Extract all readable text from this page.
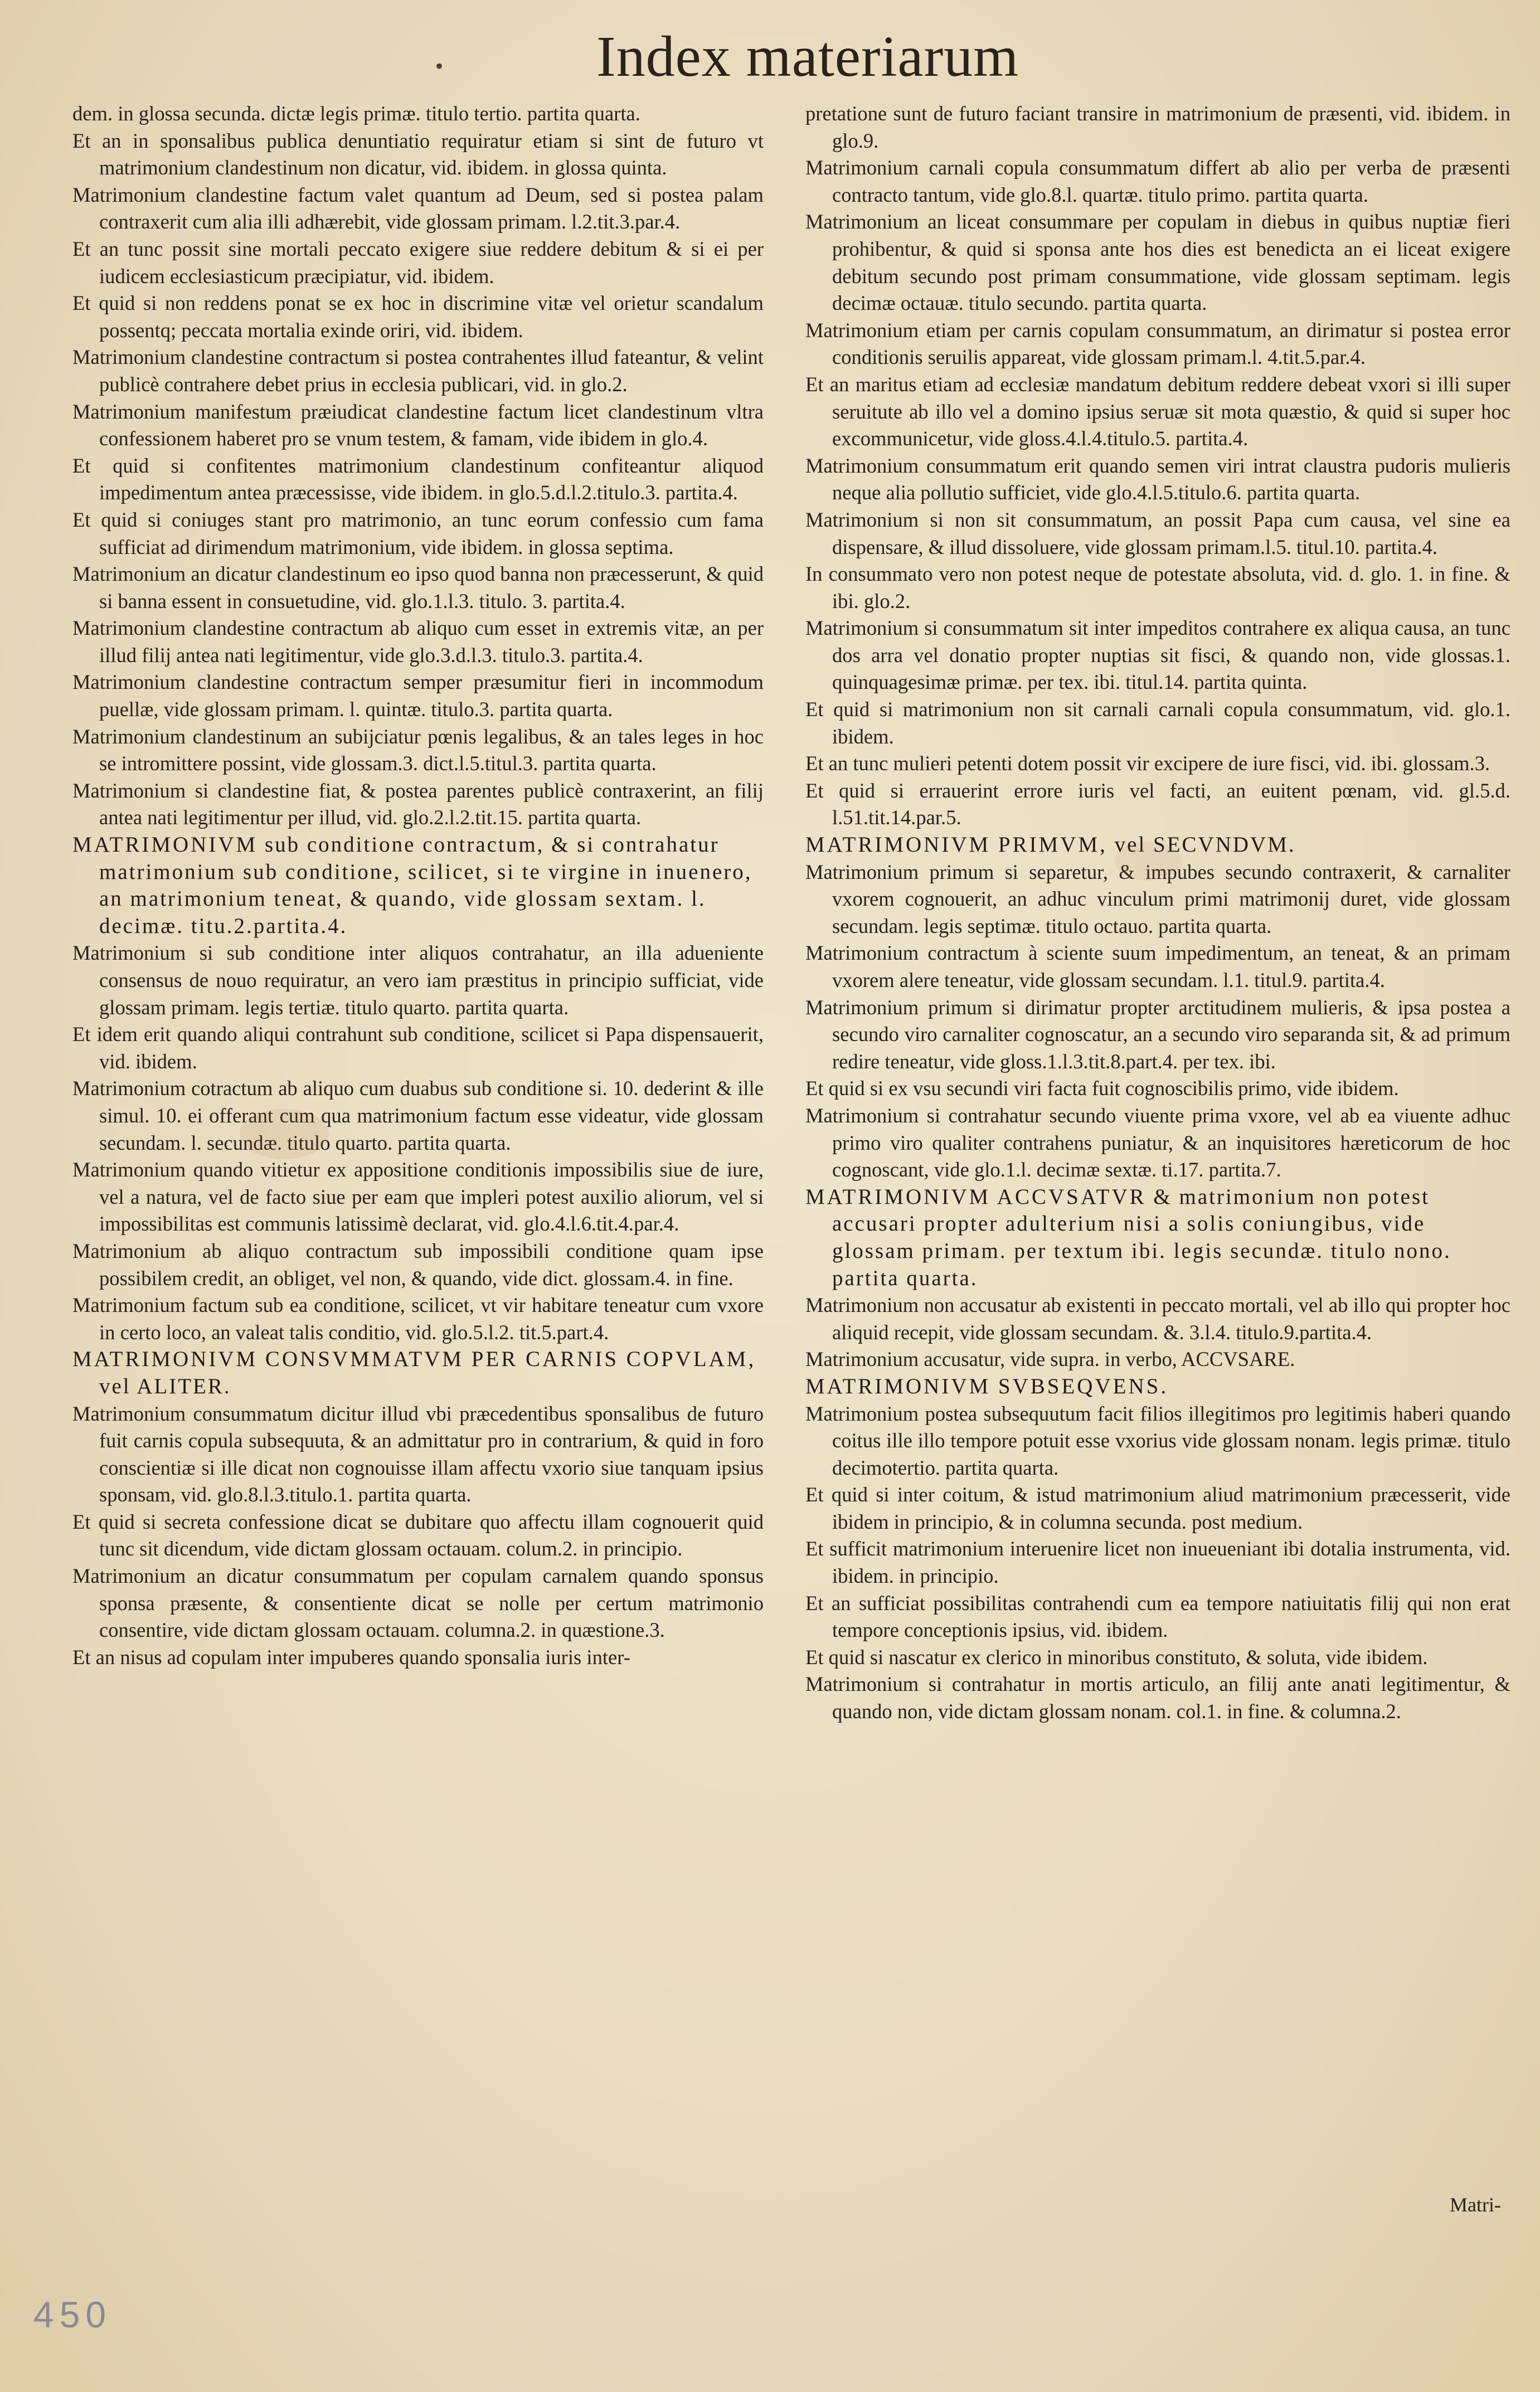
•	Index materiarum

dem. in glossa secunda. dictæ legis primæ. titulo tertio. partita quarta.

Et an in sponsalibus publica denuntiatio requiratur etiam si sint de futuro vt matrimonium clandestinum non dicatur, vid. ibidem. in glossa quinta.

Matrimonium clandestine factum valet quantum ad Deum, sed si postea palam contraxerit cum alia illi adhærebit, vide glossam primam. l.2.tit.3.par.4.

Et an tunc possit sine mortali peccato exigere siue reddere debitum & si ei per iudicem ecclesiasticum præcipiatur, vid. ibidem.

Et quid si non reddens ponat se ex hoc in discrimine vitæ vel orietur scandalum possentq; peccata mortalia exinde oriri, vid. ibidem.

Matrimonium clandestine contractum si postea contrahentes illud fateantur, & velint publicè contrahere debet prius in ecclesia publicari, vid. in glo.2.

Matrimonium manifestum præiudicat clandestine factum licet clandestinum vltra confessionem haberet pro se vnum testem, & famam, vide ibidem in glo.4.

Et quid si confitentes matrimonium clandestinum confiteantur aliquod impedimentum antea præcessisse, vide ibidem. in glo.5.d.l.2.titulo.3. partita.4.

Et quid si coniuges stant pro matrimonio, an tunc eorum confessio cum fama sufficiat ad dirimendum matrimonium, vide ibidem. in glossa septima.

Matrimonium an dicatur clandestinum eo ipso quod banna non præcesserunt, & quid si banna essent in consuetudine, vid. glo.1.l.3. titulo. 3. partita.4.

Matrimonium clandestine contractum ab aliquo cum esset in extremis vitæ, an per illud filij antea nati legitimentur, vide glo.3.d.l.3. titulo.3. partita.4.

Matrimonium clandestine contractum semper præsumitur fieri in incommodum puellæ, vide glossam primam. l. quintæ. titulo.3. partita quarta.

Matrimonium clandestinum an subijciatur pœnis legalibus, & an tales leges in hoc se intromittere possint, vide glossam.3. dict.l.5.titul.3. partita quarta.

Matrimonium si clandestine fiat, & postea parentes publicè contraxerint, an filij antea nati legitimentur per illud, vid. glo.2.l.2.tit.15. partita quarta.

MATRIMONIVM sub conditione contractum, & si contrahatur matrimonium sub conditione, scilicet, si te virgine in inuenero, an matrimonium teneat, & quando, vide glossam sextam. l. decimæ. titu.2.partita.4.

Matrimonium si sub conditione inter aliquos contrahatur, an illa adueniente consensus de nouo requiratur, an vero iam præstitus in principio sufficiat, vide glossam primam. legis tertiæ. titulo quarto. partita quarta.

Et idem erit quando aliqui contrahunt sub conditione, scilicet si Papa dispensauerit, vid. ibidem.

Matrimonium cotractum ab aliquo cum duabus sub conditione si. 10. dederint & ille simul. 10. ei offerant cum qua matrimonium factum esse videatur, vide glossam secundam. l. secundæ. titulo quarto. partita quarta.

Matrimonium quando vitietur ex appositione conditionis impossibilis siue de iure, vel a natura, vel de facto siue per eam que impleri potest auxilio aliorum, vel si impossibilitas est communis latissimè declarat, vid. glo.4.l.6.tit.4.par.4.

Matrimonium ab aliquo contractum sub impossibili conditione quam ipse possibilem credit, an obliget, vel non, & quando, vide dict. glossam.4. in fine.

Matrimonium factum sub ea conditione, scilicet, vt vir habitare teneatur cum vxore in certo loco, an valeat talis conditio, vid. glo.5.l.2. tit.5.part.4.

MATRIMONIVM CONSVMMATVM PER CARNIS COPVLAM, vel ALITER.

Matrimonium consummatum dicitur illud vbi præcedentibus sponsalibus de futuro fuit carnis copula subsequuta, & an admittatur pro in contrarium, & quid in foro conscientiæ si ille dicat non cognouisse illam affectu vxorio siue tanquam ipsius sponsam, vid. glo.8.l.3.titulo.1. partita quarta.

Et quid si secreta confessione dicat se dubitare quo affectu illam cognouerit quid tunc sit dicendum, vide dictam glossam octauam. colum.2. in principio.

Matrimonium an dicatur consummatum per copulam carnalem quando sponsus sponsa præsente, & consentiente dicat se nolle per certum matrimonio consentire, vide dictam glossam octauam. columna.2. in quæstione.3.

Et an nisus ad copulam inter impuberes quando sponsalia iuris inter-

pretatione sunt de futuro faciant transire in matrimonium de præsenti, vid. ibidem. in glo.9.

Matrimonium carnali copula consummatum differt ab alio per verba de præsenti contracto tantum, vide glo.8.l. quartæ. titulo primo. partita quarta.

Matrimonium an liceat consummare per copulam in diebus in quibus nuptiæ fieri prohibentur, & quid si sponsa ante hos dies est benedicta an ei liceat exigere debitum secundo post primam consummatione, vide glossam septimam. legis decimæ octauæ. titulo secundo. partita quarta.

Matrimonium etiam per carnis copulam consummatum, an dirimatur si postea error conditionis seruilis appareat, vide glossam primam.l. 4.tit.5.par.4.

Et an maritus etiam ad ecclesiæ mandatum debitum reddere debeat vxori si illi super seruitute ab illo vel a domino ipsius seruæ sit mota quæstio, & quid si super hoc excommunicetur, vide gloss.4.l.4.titulo.5. partita.4.

Matrimonium consummatum erit quando semen viri intrat claustra pudoris mulieris neque alia pollutio sufficiet, vide glo.4.l.5.titulo.6. partita quarta.

Matrimonium si non sit consummatum, an possit Papa cum causa, vel sine ea dispensare, & illud dissoluere, vide glossam primam.l.5. titul.10. partita.4.

In consummato vero non potest neque de potestate absoluta, vid. d. glo. 1. in fine. & ibi. glo.2.

Matrimonium si consummatum sit inter impeditos contrahere ex aliqua causa, an tunc dos arra vel donatio propter nuptias sit fisci, & quando non, vide glossas.1. quinquagesimæ primæ. per tex. ibi. titul.14. partita quinta.

Et quid si matrimonium non sit carnali carnali copula consummatum, vid. glo.1. ibidem.

Et an tunc mulieri petenti dotem possit vir excipere de iure fisci, vid. ibi. glossam.3.

Et quid si errauerint errore iuris vel facti, an euitent pœnam, vid. gl.5.d. l.51.tit.14.par.5.

MATRIMONIVM PRIMVM, vel SECVNDVM.

Matrimonium primum si separetur, & impubes secundo contraxerit, & carnaliter vxorem cognouerit, an adhuc vinculum primi matrimonij duret, vide glossam secundam. legis septimæ. titulo octauo. partita quarta.

Matrimonium contractum à sciente suum impedimentum, an teneat, & an primam vxorem alere teneatur, vide glossam secundam. l.1. titul.9. partita.4.

Matrimonium primum si dirimatur propter arctitudinem mulieris, & ipsa postea a secundo viro carnaliter cognoscatur, an a secundo viro separanda sit, & ad primum redire teneatur, vide gloss.1.l.3.tit.8.part.4. per tex. ibi.

Et quid si ex vsu secundi viri facta fuit cognoscibilis primo, vide ibidem.

Matrimonium si contrahatur secundo viuente prima vxore, vel ab ea viuente adhuc primo viro qualiter contrahens puniatur, & an inquisitores hæreticorum de hoc cognoscant, vide glo.1.l. decimæ sextæ. ti.17. partita.7.

MATRIMONIVM ACCVSATVR & matrimonium non potest accusari propter adulterium nisi a solis coniungibus, vide glossam primam. per textum ibi. legis secundæ. titulo nono. partita quarta.

Matrimonium non accusatur ab existenti in peccato mortali, vel ab illo qui propter hoc aliquid recepit, vide glossam secundam. &. 3.l.4. titulo.9.partita.4.

Matrimonium accusatur, vide supra. in verbo, ACCVSARE.

MATRIMONIVM SVBSEQVENS.

Matrimonium postea subsequutum facit filios illegitimos pro legitimis haberi quando coitus ille illo tempore potuit esse vxorius vide glossam nonam. legis primæ. titulo decimotertio. partita quarta.

Et quid si inter coitum, & istud matrimonium aliud matrimonium præcesserit, vide ibidem in principio, & in columna secunda. post medium.

Et sufficit matrimonium interuenire licet non inueueniant ibi dotalia instrumenta, vid. ibidem. in principio.

Et an sufficiat possibilitas contrahendi cum ea tempore natiuitatis filij qui non erat tempore conceptionis ipsius, vid. ibidem.

Et quid si nascatur ex clerico in minoribus constituto, & soluta, vide ibidem.

Matrimonium si contrahatur in mortis articulo, an filij ante anati legitimentur, & quando non, vide dictam glossam nonam. col.1. in fine. & columna.2.

Matri-
450
